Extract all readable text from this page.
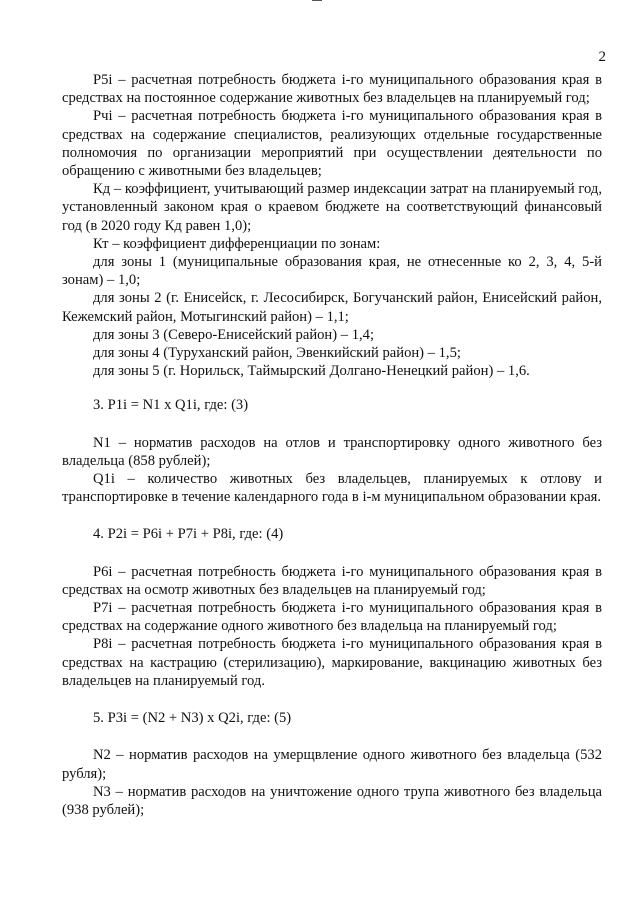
2

P5i – расчетная потребность бюджета i-го муниципального образования края в средствах на постоянное содержание животных без владельцев на планируемый год;

Рчi – расчетная потребность бюджета i-го муниципального образования края в средствах на содержание специалистов, реализующих отдельные государственные полномочия по организации мероприятий при осуществлении деятельности по обращению с животными без владельцев;

Кд – коэффициент, учитывающий размер индексации затрат на планируемый год, установленный законом края о краевом бюджете на соответствующий финансовый год (в 2020 году Кд равен 1,0);

Кт – коэффициент дифференциации по зонам:

для зоны 1 (муниципальные образования края, не отнесенные ко 2, 3, 4, 5-й зонам) – 1,0;

для зоны 2 (г. Енисейск, г. Лесосибирск, Богучанский район, Енисейский район, Кежемский район, Мотыгинский район) – 1,1;

для зоны 3 (Северо-Енисейский район) – 1,4;

для зоны 4 (Туруханский район, Эвенкийский район) – 1,5;

для зоны 5 (г. Норильск, Таймырский Долгано-Ненецкий район) – 1,6.

3. P1i = N1 x Q1i, где: (3)

N1 – норматив расходов на отлов и транспортировку одного животного без владельца (858 рублей);

Q1i – количество животных без владельцев, планируемых к отлову и транспортировке в течение календарного года в i-м муниципальном образовании края.

4. P2i = P6i + P7i + P8i, где: (4)

P6i – расчетная потребность бюджета i-го муниципального образования края в средствах на осмотр животных без владельцев на планируемый год;

P7i – расчетная потребность бюджета i-го муниципального образования края в средствах на содержание одного животного без владельца на планируемый год;

P8i – расчетная потребность бюджета i-го муниципального образования края в средствах на кастрацию (стерилизацию), маркирование, вакцинацию животных без владельцев на планируемый год.

5. P3i = (N2 + N3) x Q2i, где: (5)

N2 – норматив расходов на умерщвление одного животного без владельца (532 рубля);

N3 – норматив расходов на уничтожение одного трупа животного без владельца (938 рублей);
